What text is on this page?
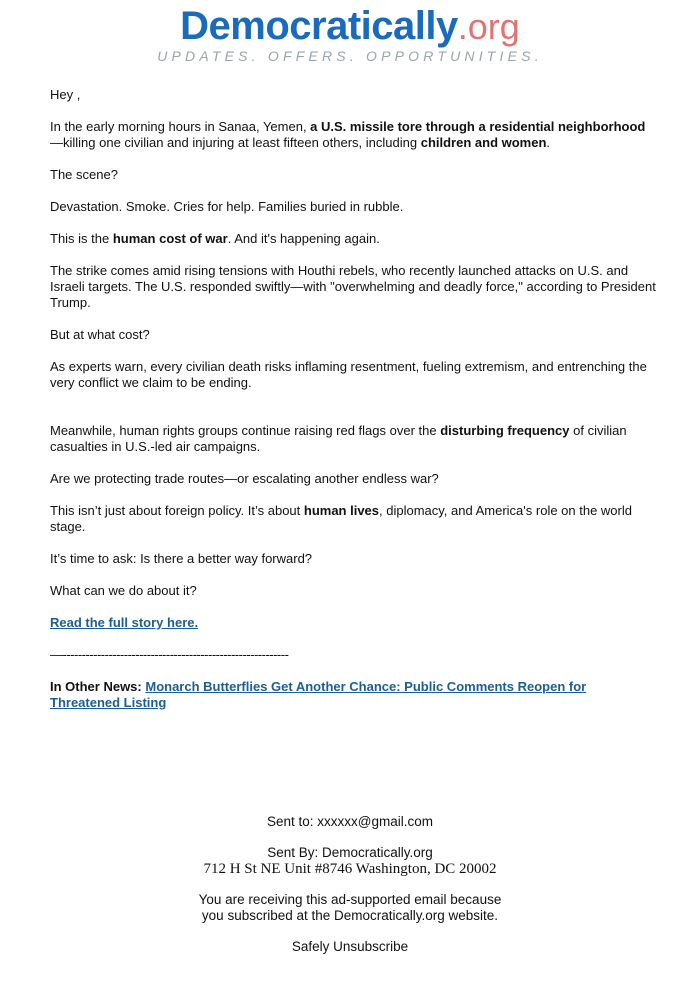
Democratically.org
UPDATES. OFFERS. OPPORTUNITIES.

Hey ,

In the early morning hours in Sanaa, Yemen, a U.S. missile tore through a residential neighborhood—killing one civilian and injuring at least fifteen others, including children and women.

The scene?

Devastation. Smoke. Cries for help. Families buried in rubble.

This is the human cost of war. And it's happening again.

The strike comes amid rising tensions with Houthi rebels, who recently launched attacks on U.S. and Israeli targets. The U.S. responded swiftly—with "overwhelming and deadly force," according to President Trump.

But at what cost?

As experts warn, every civilian death risks inflaming resentment, fueling extremism, and entrenching the very conflict we claim to be ending.

Meanwhile, human rights groups continue raising red flags over the disturbing frequency of civilian casualties in U.S.-led air campaigns.

Are we protecting trade routes—or escalating another endless war?

This isn’t just about foreign policy. It’s about human lives, diplomacy, and America's role on the world stage.

It’s time to ask: Is there a better way forward?

What can we do about it?

Read the full story here.

—-----------------------------------------------------------

In Other News: Monarch Butterflies Get Another Chance: Public Comments Reopen for Threatened Listing

Sent to: xxxxxx@gmail.com

Sent By: Democratically.org
712 H St NE Unit #8746 Washington, DC 20002

You are receiving this ad-supported email because
you subscribed at the Democratically.org website.

Safely Unsubscribe
